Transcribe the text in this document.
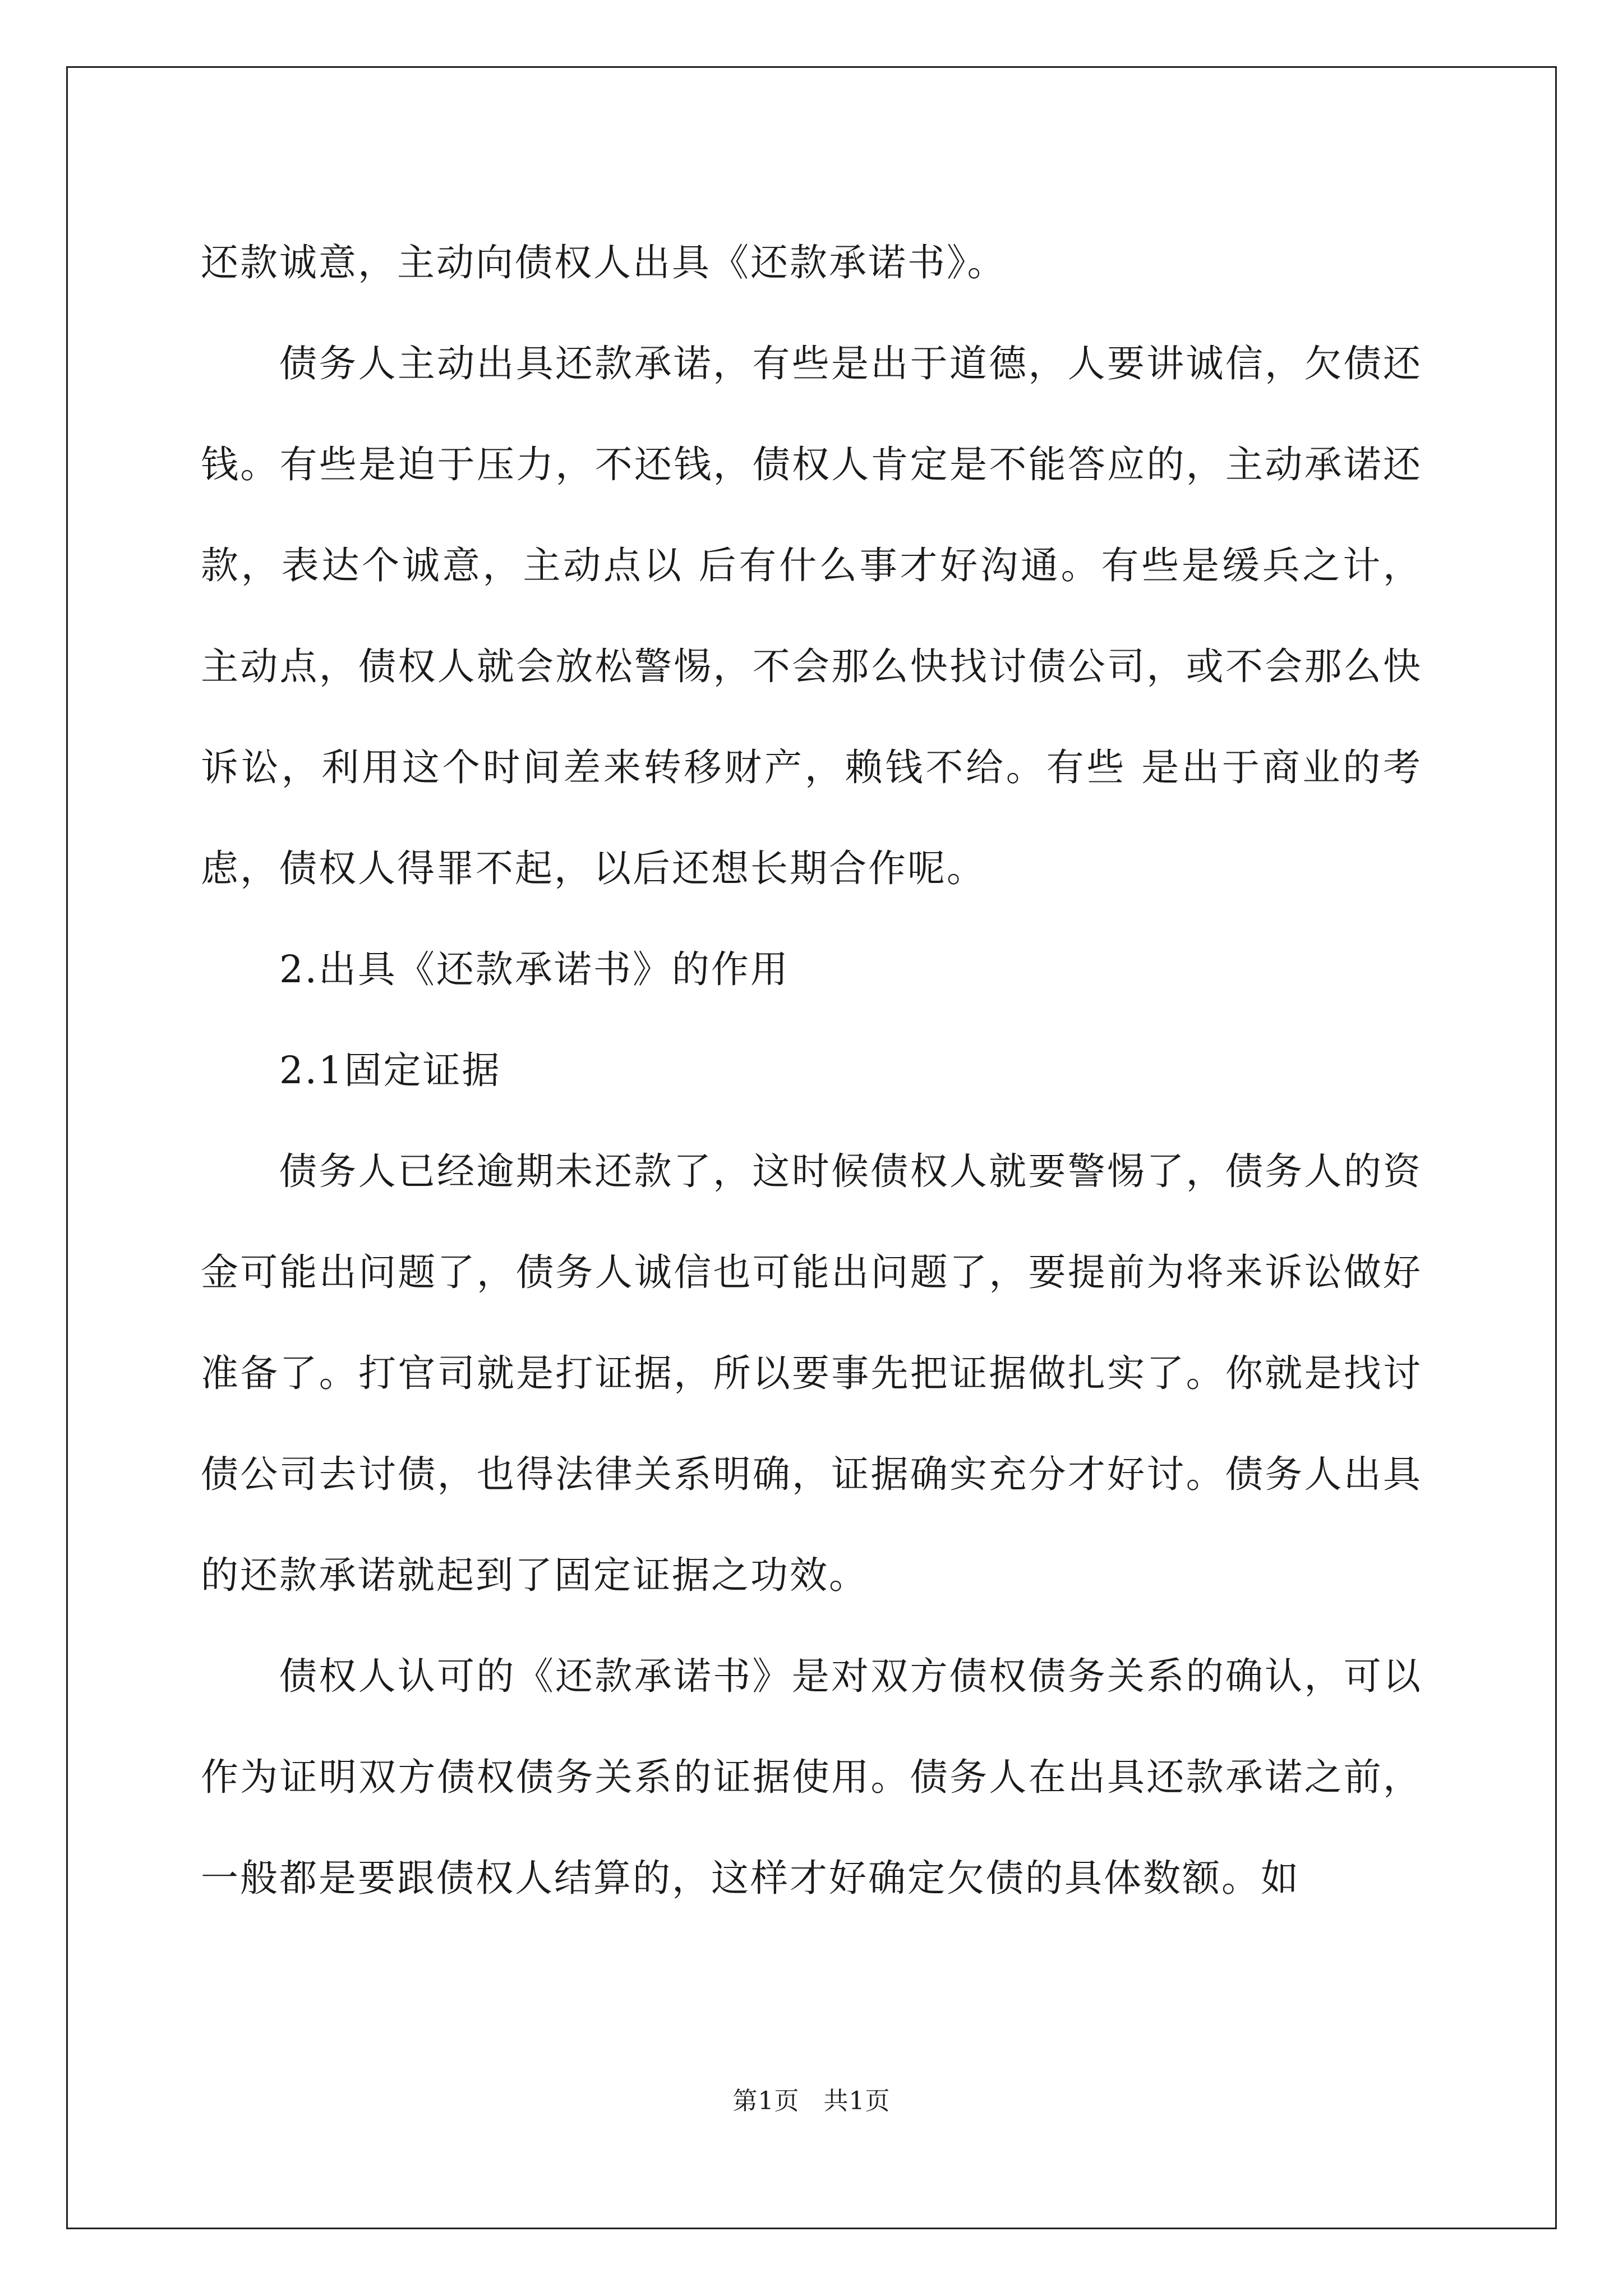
还款诚意，主动向债权人出具《还款承诺书》。

债务人主动出具还款承诺，有些是出于道德，人要讲诚信，欠债还钱。有些是迫于压力，不还钱，债权人肯定是不能答应的，主动承诺还款，表达个诚意，主动点以 后有什么事才好沟通。有些是缓兵之计，主动点，债权人就会放松警惕，不会那么快找讨债公司，或不会那么快诉讼，利用这个时间差来转移财产，赖钱不给。有些 是出于商业的考虑，债权人得罪不起，以后还想长期合作呢。

2.出具《还款承诺书》的作用

2.1固定证据

债务人已经逾期未还款了，这时候债权人就要警惕了，债务人的资金可能出问题了，债务人诚信也可能出问题了，要提前为将来诉讼做好准备了。打官司就是打证据，所以要事先把证据做扎实了。你就是找讨债公司去讨债，也得法律关系明确，证据确实充分才好讨。债务人出具的还款承诺就起到了固定证据之功效。

债权人认可的《还款承诺书》是对双方债权债务关系的确认，可以作为证明双方债权债务关系的证据使用。债务人在出具还款承诺之前，一般都是要跟债权人结算的，这样才好确定欠债的具体数额。如

第1页 共1页
